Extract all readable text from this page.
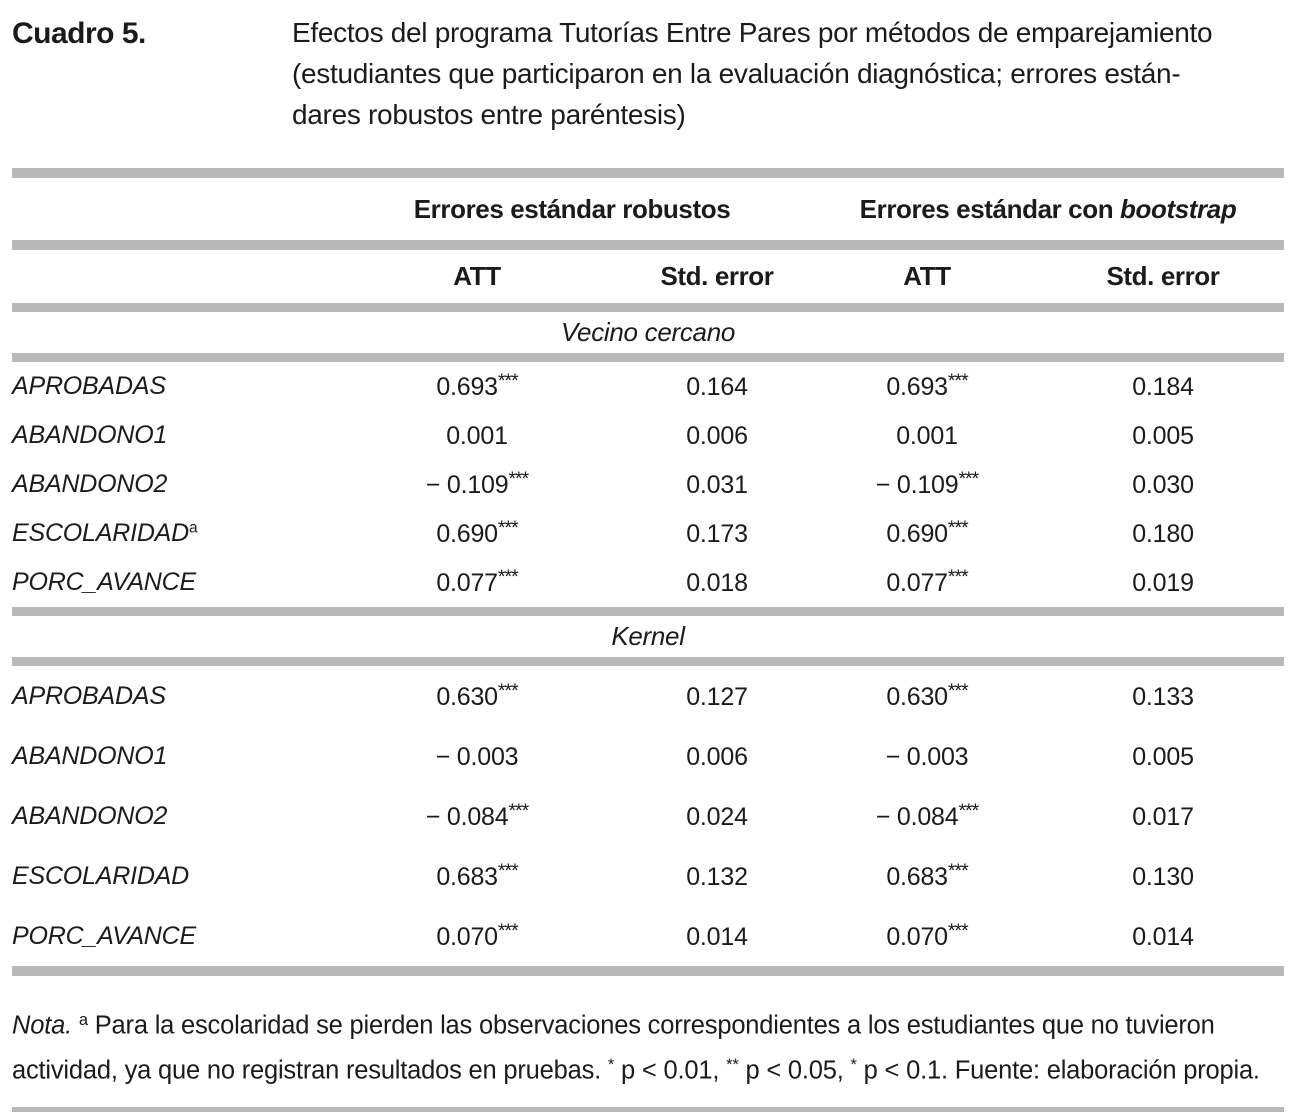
Cuadro 5.	Efectos del programa Tutorías Entre Pares por métodos de emparejamiento
(estudiantes que participaron en la evaluación diagnóstica; errores están-
dares robustos entre paréntesis)
Errores estándar robustos	Errores estándar con bootstrap
ATT	Std. error	ATT	Std. error
Vecino cercano
APROBADAS	0.693***	0.164	0.693***	0.184
ABANDONO1	0.001	0.006	0.001	0.005
ABANDONO2	− 0.109***	0.031	− 0.109***	0.030
ESCOLARIDAD$^a$	0.690***	0.173	0.690***	0.180
PORC_AVANCE	0.077***	0.018	0.077***	0.019
Kernel
APROBADAS	0.630***	0.127	0.630***	0.133
ABANDONO1	− 0.003	0.006	− 0.003	0.005
ABANDONO2	− 0.084***	0.024	− 0.084***	0.017
ESCOLARIDAD	0.683***	0.132	0.683***	0.130
PORC_AVANCE	0.070***	0.014	0.070***	0.014
Nota. $^a$ Para la escolaridad se pierden las observaciones correspondientes a los estudiantes que no tuvieron actividad, ya que no registran resultados en pruebas. * p < 0.01, ** p < 0.05, * p < 0.1. Fuente: elaboración propia.
